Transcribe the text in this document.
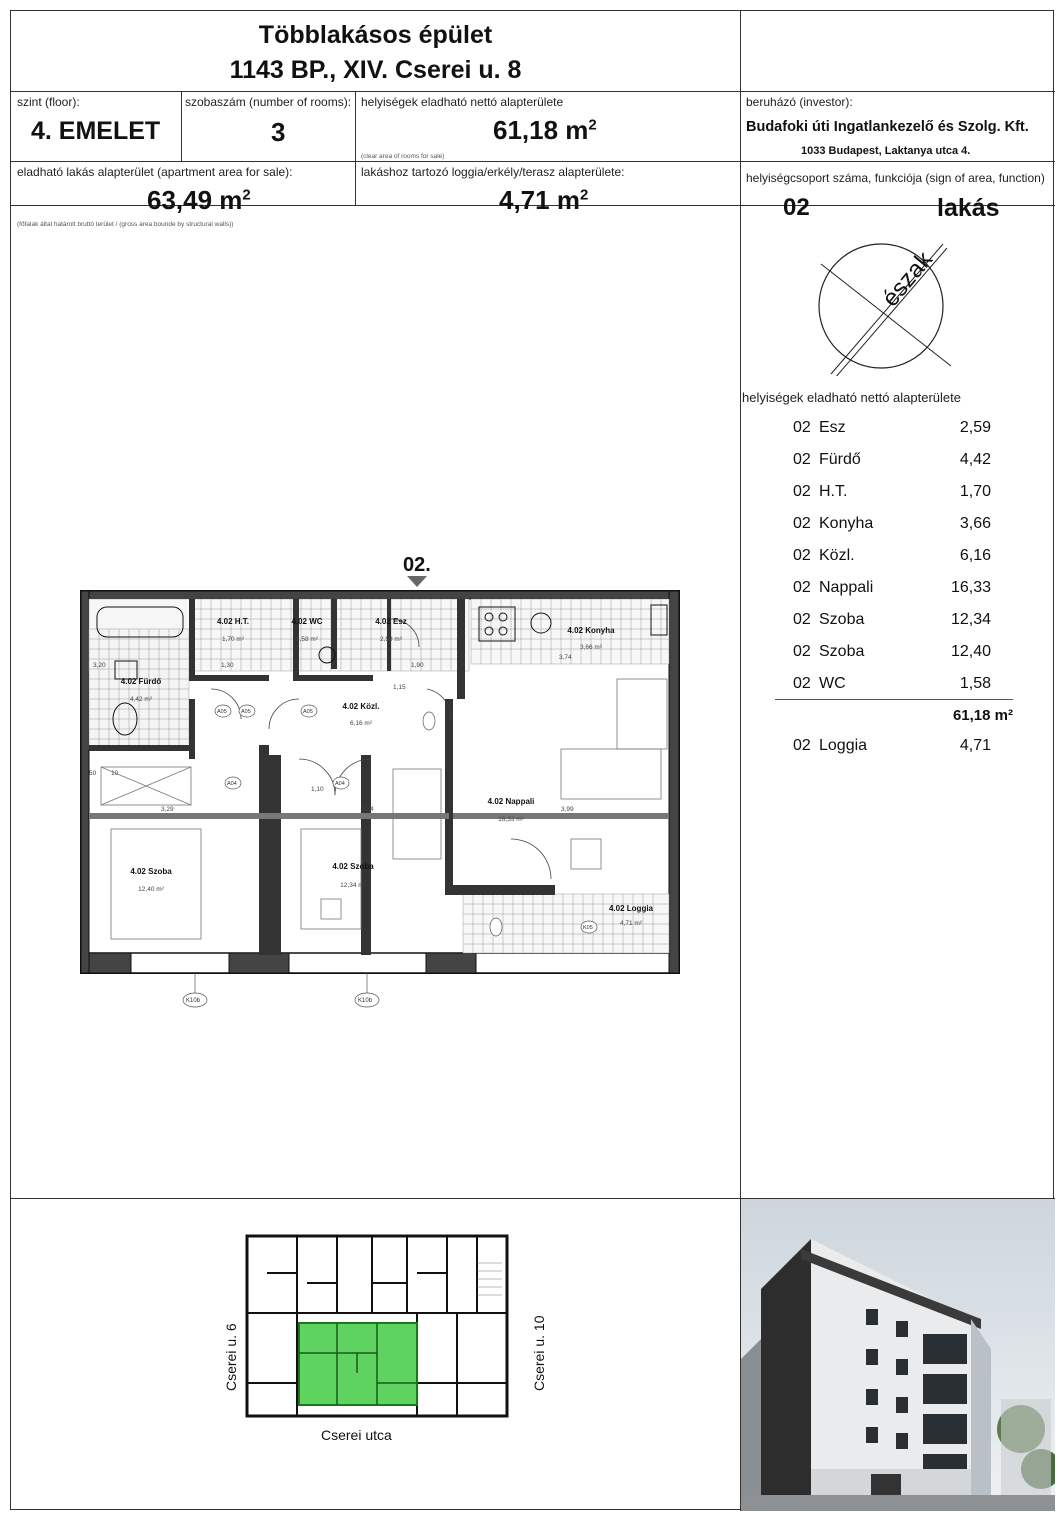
Többlakásos épület
1143 BP., XIV. Cserei u. 8
szint (floor):
4. EMELET
szobaszám (number of rooms):
3
helyiségek eladható nettó alapterülete
61,18 $m^2$
(clear area of rooms for sale)
beruházó (investor):
Budafoki úti Ingatlankezelő és Szolg. Kft.
1033 Budapest, Laktanya utca 4.
eladható lakás alapterület (apartment area for sale):
63,49 $m^2$
(főfalak által határolt bruttó terület / (gross area bounde by structural walls))
lakáshoz tartozó loggia/erkély/terasz alapterülete:
4,71 $m^2$
helyiségcsoport száma, funkciója (sign of area, function)
02	lakás
észak
helyiségek eladható nettó alapterülete
02 Esz	2,59
02 Fürdő	4,42
02 H.T.	1,70
02 Konyha	3,66
02 Közl.	6,16
02 Nappali	16,33
02 Szoba	12,34
02 Szoba	12,40
02 WC	1,58
61,18 m²
02 Loggia	4,71
02.
4.02 H.T.	4.02 WC	4.02 Esz
4.02 Konyha
4.02 Fürdő
4.02 Közl.
4.02 Nappali
4.02 Szoba
4.02 Szoba
4.02 Loggia
1,70 m²	1,58 m²	2,59 m²
3,66 m²
4,42 m²
6,16 m²
16,33 m²
12,40 m²
12,34 m²
4,71 m²
3,20
3,29	3,24	3,99
3,74
1,30	1,90
1,15
1,10
50 10
A05	A05	A05
A04	A04
K05
K10b	K10b
Cserei u. 6	Cserei u. 10
Cserei utca
